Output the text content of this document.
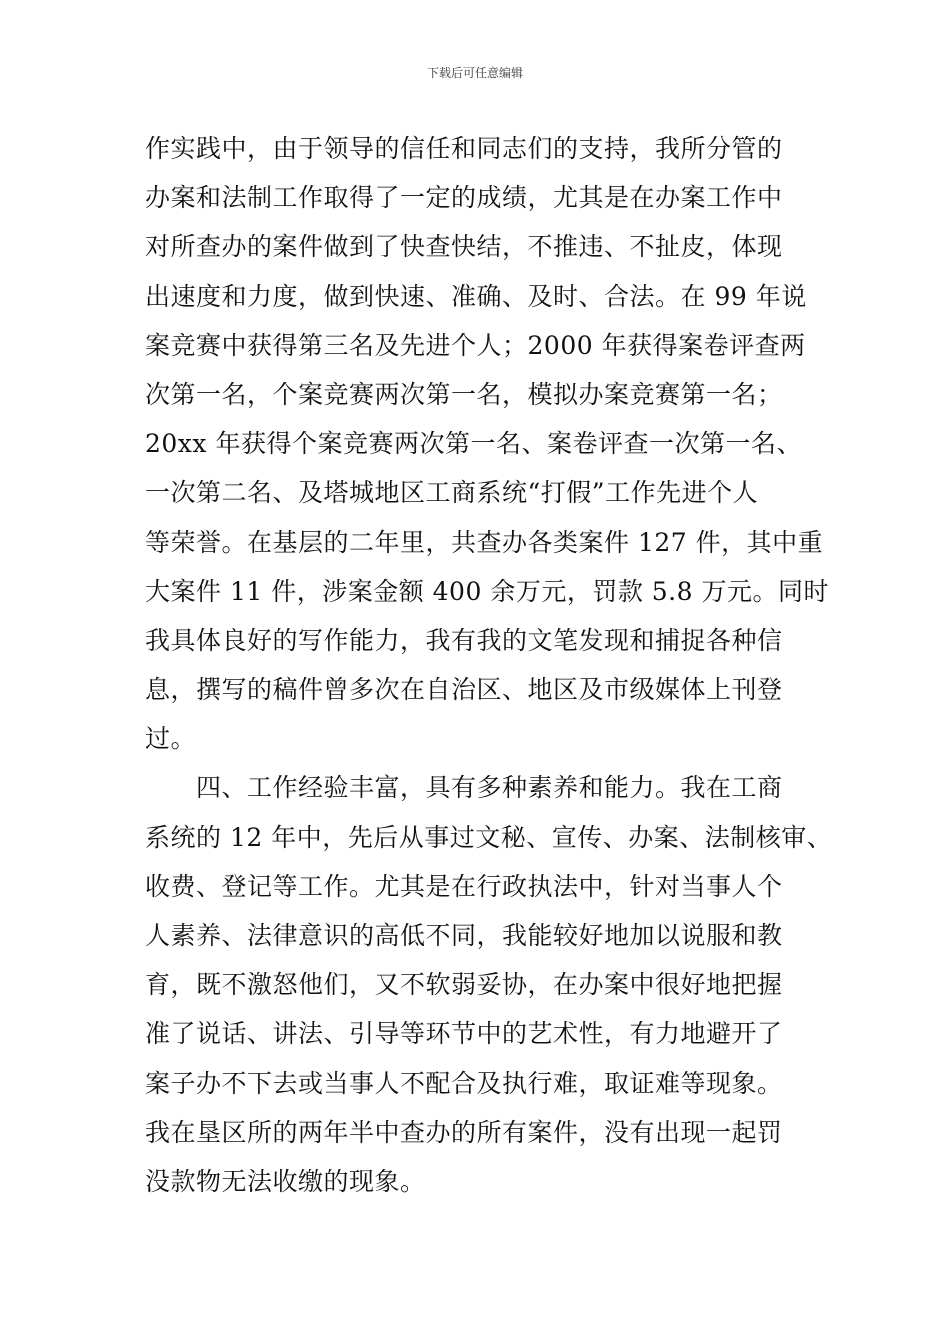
下载后可任意编辑
作实践中，由于领导的信任和同志们的支持，我所分管的
办案和法制工作取得了一定的成绩，尤其是在办案工作中
对所查办的案件做到了快查快结，不推违、不扯皮，体现
出速度和力度，做到快速、准确、及时、合法。在 99 年说
案竞赛中获得第三名及先进个人；2000 年获得案卷评查两
次第一名，个案竞赛两次第一名，模拟办案竞赛第一名；
20xx 年获得个案竞赛两次第一名、案卷评查一次第一名、
一次第二名、及塔城地区工商系统“打假”工作先进个人
等荣誉。在基层的二年里，共查办各类案件 127 件，其中重
大案件 11 件，涉案金额 400 余万元，罚款 5.8 万元。同时
我具体良好的写作能力，我有我的文笔发现和捕捉各种信
息，撰写的稿件曾多次在自治区、地区及市级媒体上刊登
过。
　　四、工作经验丰富，具有多种素养和能力。我在工商
系统的 12 年中，先后从事过文秘、宣传、办案、法制核审、
收费、登记等工作。尤其是在行政执法中，针对当事人个
人素养、法律意识的高低不同，我能较好地加以说服和教
育，既不激怒他们，又不软弱妥协，在办案中很好地把握
准了说话、讲法、引导等环节中的艺术性，有力地避开了
案子办不下去或当事人不配合及执行难，取证难等现象。
我在垦区所的两年半中查办的所有案件，没有出现一起罚
没款物无法收缴的现象。
